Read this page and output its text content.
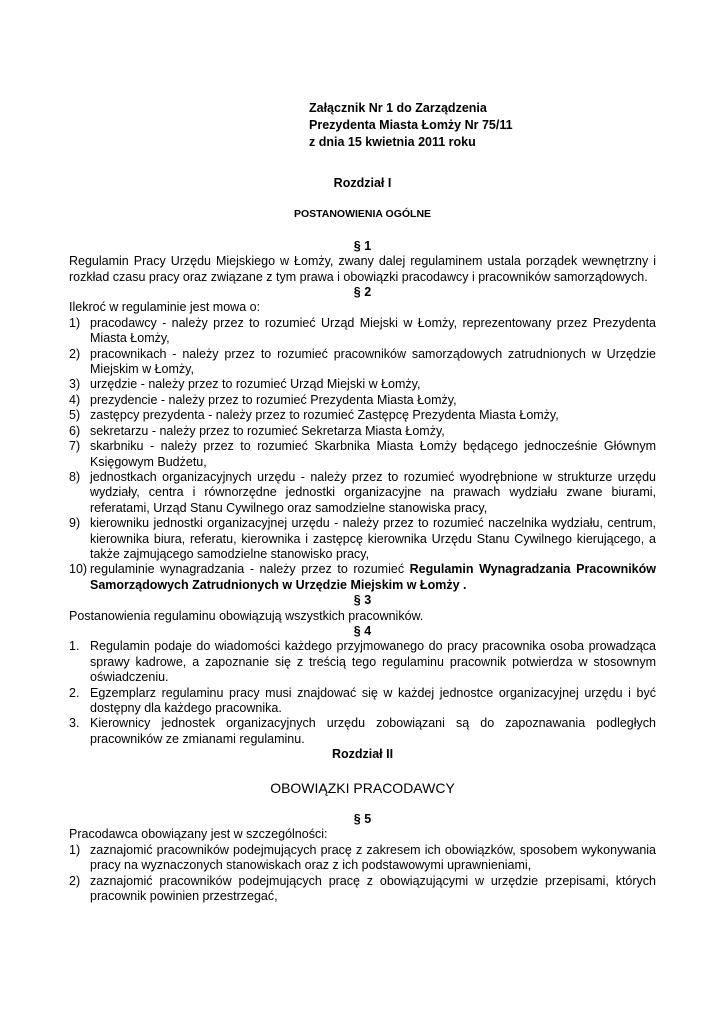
Załącznik Nr 1 do Zarządzenia
Prezydenta Miasta Łomży Nr 75/11
z dnia 15 kwietnia 2011 roku
Rozdział I
POSTANOWIENIA OGÓLNE
§ 1
Regulamin Pracy Urzędu Miejskiego w Łomży, zwany dalej regulaminem ustala porządek wewnętrzny i rozkład czasu pracy oraz związane z tym prawa i obowiązki pracodawcy i pracowników samorządowych.
§ 2
Ilekroć w regulaminie jest mowa o:
1) pracodawcy - należy przez to rozumieć Urząd Miejski w Łomży, reprezentowany przez Prezydenta Miasta Łomży,
2) pracownikach - należy przez to rozumieć pracowników samorządowych zatrudnionych w Urzędzie Miejskim w Łomży,
3) urzędzie - należy przez to rozumieć Urząd Miejski w Łomży,
4) prezydencie - należy przez to rozumieć Prezydenta Miasta Łomży,
5) zastępcy prezydenta - należy przez to rozumieć Zastępcę Prezydenta Miasta Łomży,
6) sekretarzu - należy przez to rozumieć Sekretarza Miasta Łomży,
7) skarbniku - należy przez to rozumieć Skarbnika Miasta Łomży będącego jednocześnie Głównym Księgowym Budżetu,
8) jednostkach organizacyjnych urzędu - należy przez to rozumieć wyodrębnione w strukturze urzędu wydziały, centra i równorzędne jednostki organizacyjne na prawach wydziału zwane biurami, referatami, Urząd Stanu Cywilnego oraz samodzielne stanowiska pracy,
9) kierowniku jednostki organizacyjnej urzędu - należy przez to rozumieć naczelnika wydziału, centrum, kierownika biura, referatu, kierownika i zastępcę kierownika Urzędu Stanu Cywilnego kierującego, a także zajmującego samodzielne stanowisko pracy,
10) regulaminie wynagradzania - należy przez to rozumieć Regulamin Wynagradzania Pracowników Samorządowych Zatrudnionych w Urzędzie Miejskim w Łomży .
§ 3
Postanowienia regulaminu obowiązują wszystkich pracowników.
§ 4
1. Regulamin podaje do wiadomości każdego przyjmowanego do pracy pracownika osoba prowadząca sprawy kadrowe, a zapoznanie się z treścią tego regulaminu pracownik potwierdza w stosownym oświadczeniu.
2. Egzemplarz regulaminu pracy musi znajdować się w każdej jednostce organizacyjnej urzędu i być dostępny dla każdego pracownika.
3. Kierownicy jednostek organizacyjnych urzędu zobowiązani są do zapoznawania podległych pracowników ze zmianami regulaminu.
Rozdział II
OBOWIĄZKI PRACODAWCY
§ 5
Pracodawca obowiązany jest w szczególności:
1) zaznajomić pracowników podejmujących pracę z zakresem ich obowiązków, sposobem wykonywania pracy na wyznaczonych stanowiskach oraz z ich podstawowymi uprawnieniami,
2) zaznajomić pracowników podejmujących pracę z obowiązującymi w urzędzie przepisami, których pracownik powinien przestrzegać,
